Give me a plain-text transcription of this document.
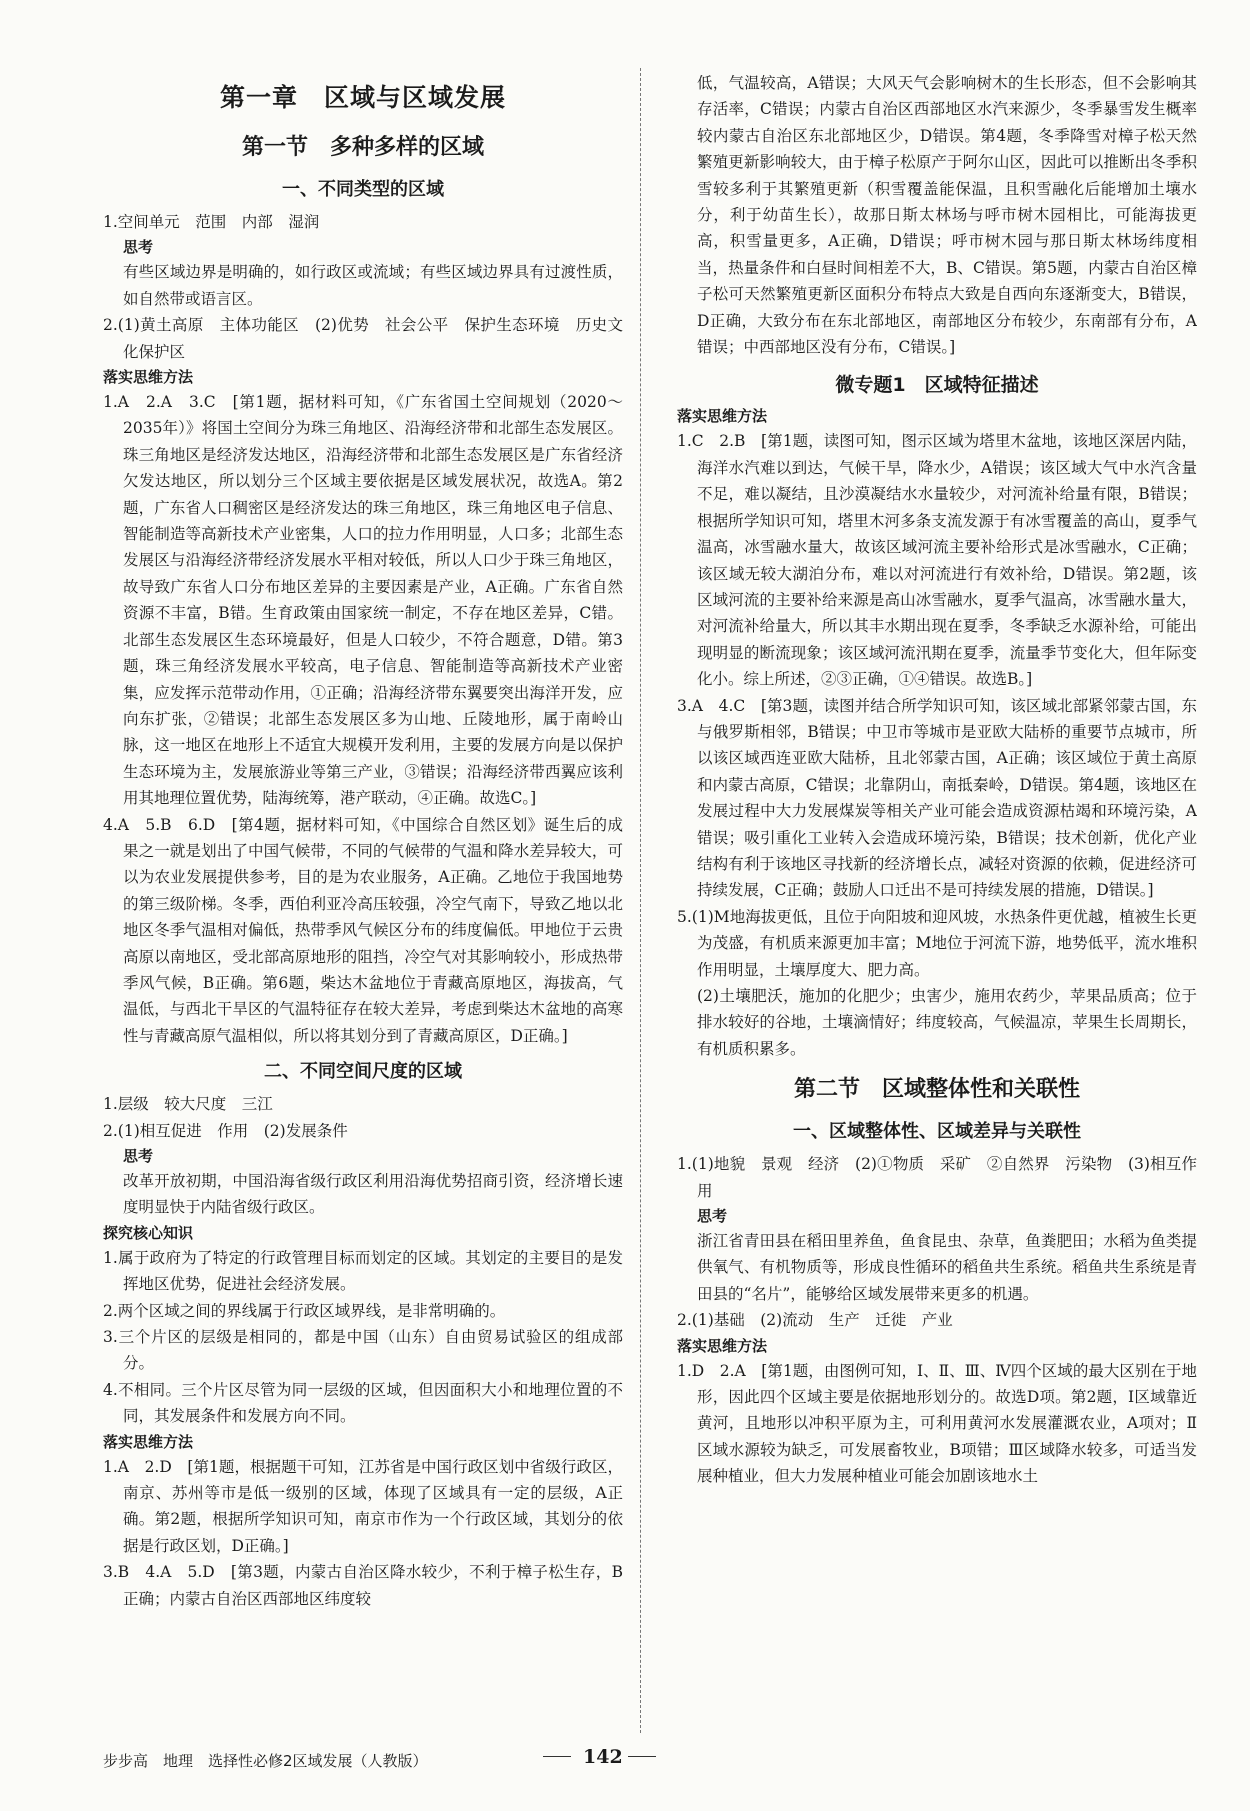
第一章　区域与区域发展
第一节　多种多样的区域
一、不同类型的区域

1.空间单元　范围　内部　湿润

思考

有些区域边界是明确的，如行政区或流域；有些区域边界具有过渡性质，如自然带或语言区。

2.(1)黄土高原　主体功能区　(2)优势　社会公平　保护生态环境　历史文化保护区

落实思维方法

1.A　2.A　3.C　[第1题，据材料可知，《广东省国土空间规划（2020～2035年）》将国土空间分为珠三角地区、沿海经济带和北部生态发展区。珠三角地区是经济发达地区，沿海经济带和北部生态发展区是广东省经济欠发达地区，所以划分三个区域主要依据是区域发展状况，故选A。第2题，广东省人口稠密区是经济发达的珠三角地区，珠三角地区电子信息、智能制造等高新技术产业密集，人口的拉力作用明显，人口多；北部生态发展区与沿海经济带经济发展水平相对较低，所以人口少于珠三角地区，故导致广东省人口分布地区差异的主要因素是产业，A正确。广东省自然资源不丰富，B错。生育政策由国家统一制定，不存在地区差异，C错。北部生态发展区生态环境最好，但是人口较少，不符合题意，D错。第3题，珠三角经济发展水平较高，电子信息、智能制造等高新技术产业密集，应发挥示范带动作用，①正确；沿海经济带东翼要突出海洋开发，应向东扩张，②错误；北部生态发展区多为山地、丘陵地形，属于南岭山脉，这一地区在地形上不适宜大规模开发利用，主要的发展方向是以保护生态环境为主，发展旅游业等第三产业，③错误；沿海经济带西翼应该利用其地理位置优势，陆海统筹，港产联动，④正确。故选C。]

4.A　5.B　6.D　[第4题，据材料可知，《中国综合自然区划》诞生后的成果之一就是划出了中国气候带，不同的气候带的气温和降水差异较大，可以为农业发展提供参考，目的是为农业服务，A正确。乙地位于我国地势的第三级阶梯。冬季，西伯利亚冷高压较强，冷空气南下，导致乙地以北地区冬季气温相对偏低，热带季风气候区分布的纬度偏低。甲地位于云贵高原以南地区，受北部高原地形的阻挡，冷空气对其影响较小，形成热带季风气候，B正确。第6题，柴达木盆地位于青藏高原地区，海拔高，气温低，与西北干旱区的气温特征存在较大差异，考虑到柴达木盆地的高寒性与青藏高原气温相似，所以将其划分到了青藏高原区，D正确。]

二、不同空间尺度的区域

1.层级　较大尺度　三江

2.(1)相互促进　作用　(2)发展条件

思考

改革开放初期，中国沿海省级行政区利用沿海优势招商引资，经济增长速度明显快于内陆省级行政区。

探究核心知识

1.属于政府为了特定的行政管理目标而划定的区域。其划定的主要目的是发挥地区优势，促进社会经济发展。

2.两个区域之间的界线属于行政区域界线，是非常明确的。

3.三个片区的层级是相同的，都是中国（山东）自由贸易试验区的组成部分。

4.不相同。三个片区尽管为同一层级的区域，但因面积大小和地理位置的不同，其发展条件和发展方向不同。

落实思维方法

1.A　2.D　[第1题，根据题干可知，江苏省是中国行政区划中省级行政区，南京、苏州等市是低一级别的区域，体现了区域具有一定的层级，A正确。第2题，根据所学知识可知，南京市作为一个行政区域，其划分的依据是行政区划，D正确。]

3.B　4.A　5.D　[第3题，内蒙古自治区降水较少，不利于樟子松生存，B正确；内蒙古自治区西部地区纬度较

低，气温较高，A错误；大风天气会影响树木的生长形态，但不会影响其存活率，C错误；内蒙古自治区西部地区水汽来源少，冬季暴雪发生概率较内蒙古自治区东北部地区少，D错误。第4题，冬季降雪对樟子松天然繁殖更新影响较大，由于樟子松原产于阿尔山区，因此可以推断出冬季积雪较多利于其繁殖更新（积雪覆盖能保温，且积雪融化后能增加土壤水分，利于幼苗生长），故那日斯太林场与呼市树木园相比，可能海拔更高，积雪量更多，A正确，D错误；呼市树木园与那日斯太林场纬度相当，热量条件和白昼时间相差不大，B、C错误。第5题，内蒙古自治区樟子松可天然繁殖更新区面积分布特点大致是自西向东逐渐变大，B错误，D正确，大致分布在东北部地区，南部地区分布较少，东南部有分布，A错误；中西部地区没有分布，C错误。]

微专题1　区域特征描述
落实思维方法

1.C　2.B　[第1题，读图可知，图示区域为塔里木盆地，该地区深居内陆，海洋水汽难以到达，气候干旱，降水少，A错误；该区域大气中水汽含量不足，难以凝结，且沙漠凝结水水量较少，对河流补给量有限，B错误；根据所学知识可知，塔里木河多条支流发源于有冰雪覆盖的高山，夏季气温高，冰雪融水量大，故该区域河流主要补给形式是冰雪融水，C正确；该区域无较大湖泊分布，难以对河流进行有效补给，D错误。第2题，该区域河流的主要补给来源是高山冰雪融水，夏季气温高，冰雪融水量大，对河流补给量大，所以其丰水期出现在夏季，冬季缺乏水源补给，可能出现明显的断流现象；该区域河流汛期在夏季，流量季节变化大，但年际变化小。综上所述，②③正确，①④错误。故选B。]

3.A　4.C　[第3题，读图并结合所学知识可知，该区域北部紧邻蒙古国，东与俄罗斯相邻，B错误；中卫市等城市是亚欧大陆桥的重要节点城市，所以该区域西连亚欧大陆桥，且北邻蒙古国，A正确；该区域位于黄土高原和内蒙古高原，C错误；北靠阴山，南抵秦岭，D错误。第4题，该地区在发展过程中大力发展煤炭等相关产业可能会造成资源枯竭和环境污染，A错误；吸引重化工业转入会造成环境污染，B错误；技术创新，优化产业结构有利于该地区寻找新的经济增长点，减轻对资源的依赖，促进经济可持续发展，C正确；鼓励人口迁出不是可持续发展的措施，D错误。]

5.(1)M地海拔更低，且位于向阳坡和迎风坡，水热条件更优越，植被生长更为茂盛，有机质来源更加丰富；M地位于河流下游，地势低平，流水堆积作用明显，土壤厚度大、肥力高。

(2)土壤肥沃，施加的化肥少；虫害少，施用农药少，苹果品质高；位于排水较好的谷地，土壤滴情好；纬度较高，气候温凉，苹果生长周期长，有机质积累多。

第二节　区域整体性和关联性
一、区域整体性、区域差异与关联性

1.(1)地貌　景观　经济　(2)①物质　采矿　②自然界　污染物　(3)相互作用

思考

浙江省青田县在稻田里养鱼，鱼食昆虫、杂草，鱼粪肥田；水稻为鱼类提供氧气、有机物质等，形成良性循环的稻鱼共生系统。稻鱼共生系统是青田县的“名片”，能够给区域发展带来更多的机遇。

2.(1)基础　(2)流动　生产　迁徙　产业

落实思维方法

1.D　2.A　[第1题，由图例可知，Ⅰ、Ⅱ、Ⅲ、Ⅳ四个区域的最大区别在于地形，因此四个区域主要是依据地形划分的。故选D项。第2题，Ⅰ区域靠近黄河，且地形以冲积平原为主，可利用黄河水发展灌溉农业，A项对；Ⅱ区域水源较为缺乏，可发展畜牧业，B项错；Ⅲ区域降水较多，可适当发展种植业，但大力发展种植业可能会加剧该地水土

步步高　地理　选择性必修2区域发展（人教版）	142
